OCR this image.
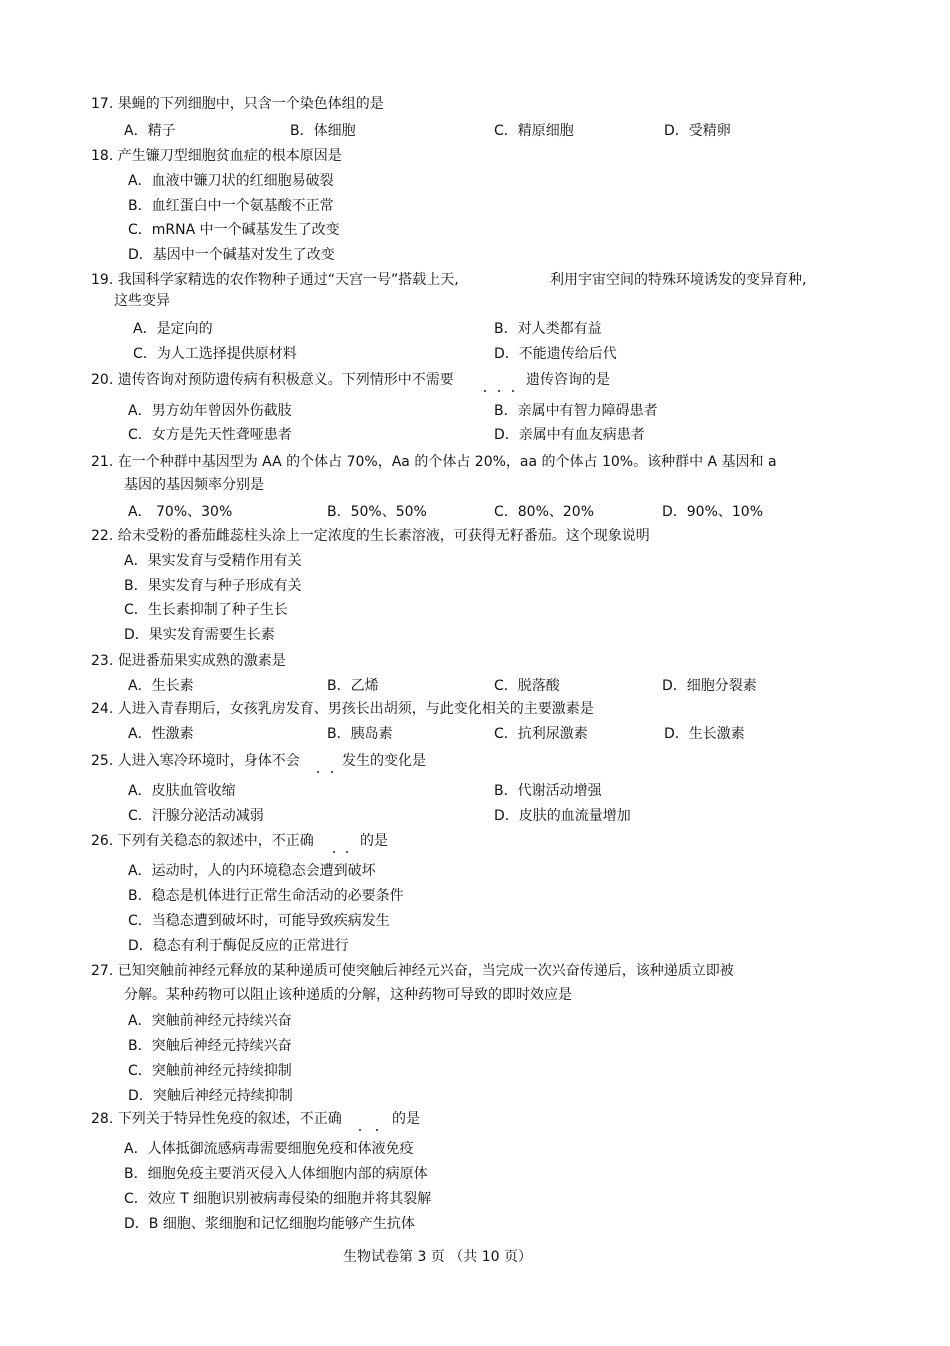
17. 果蝇的下列细胞中，只含一个染色体组的是
A．精子	B．体细胞	C．精原细胞	D．受精卵
18. 产生镰刀型细胞贫血症的根本原因是
A．血液中镰刀状的红细胞易破裂
B．血红蛋白中一个氨基酸不正常
C．mRNA 中一个碱基发生了改变
D．基因中一个碱基对发生了改变
19. 我国科学家精选的农作物种子通过“天宫一号”搭载上天,	利用宇宙空间的特殊环境诱发的变异育种,
这些变异
A．是定向的	B．对人类都有益
C．为人工选择提供原材料	D．不能遗传给后代
20. 遗传咨询对预防遗传病有积极意义。下列情形中不需要	遗传咨询的是
A．男方幼年曾因外伤截肢	B．亲属中有智力障碍患者
C．女方是先天性聋哑患者	D．亲属中有血友病患者
21. 在一个种群中基因型为 AA 的个体占 70%，Aa 的个体占 20%，aa 的个体占 10%。该种群中 A 基因和 a
基因的基因频率分别是
A． 70%、30%	B．50%、50%	C．80%、20%	D．90%、10%
22. 给未受粉的番茄雌蕊柱头涂上一定浓度的生长素溶液，可获得无籽番茄。这个现象说明
A．果实发育与受精作用有关
B．果实发育与种子形成有关
C．生长素抑制了种子生长
D．果实发育需要生长素
23. 促进番茄果实成熟的激素是
A．生长素	B．乙烯	C．脱落酸	D．细胞分裂素
24. 人进入青春期后，女孩乳房发育、男孩长出胡须，与此变化相关的主要激素是
A．性激素	B．胰岛素	C．抗利尿激素	D．生长激素
25. 人进入寒冷环境时，身体不会	发生的变化是
A．皮肤血管收缩	B．代谢活动增强
C．汗腺分泌活动减弱	D．皮肤的血流量增加
26. 下列有关稳态的叙述中，不正确	的是
A．运动时，人的内环境稳态会遭到破坏
B．稳态是机体进行正常生命活动的必要条件
C．当稳态遭到破坏时，可能导致疾病发生
D．稳态有利于酶促反应的正常进行
27. 已知突触前神经元释放的某种递质可使突触后神经元兴奋，当完成一次兴奋传递后，该种递质立即被
分解。某种药物可以阻止该种递质的分解，这种药物可导致的即时效应是
A．突触前神经元持续兴奋
B．突触后神经元持续兴奋
C．突触前神经元持续抑制
D．突触后神经元持续抑制
28. 下列关于特异性免疫的叙述，不正确	的是
A．人体抵御流感病毒需要细胞免疫和体液免疫
B．细胞免疫主要消灭侵入人体细胞内部的病原体
C．效应 T 细胞识别被病毒侵染的细胞并将其裂解
D．B 细胞、浆细胞和记忆细胞均能够产生抗体
生物试卷第 3 页 （共 10 页）
